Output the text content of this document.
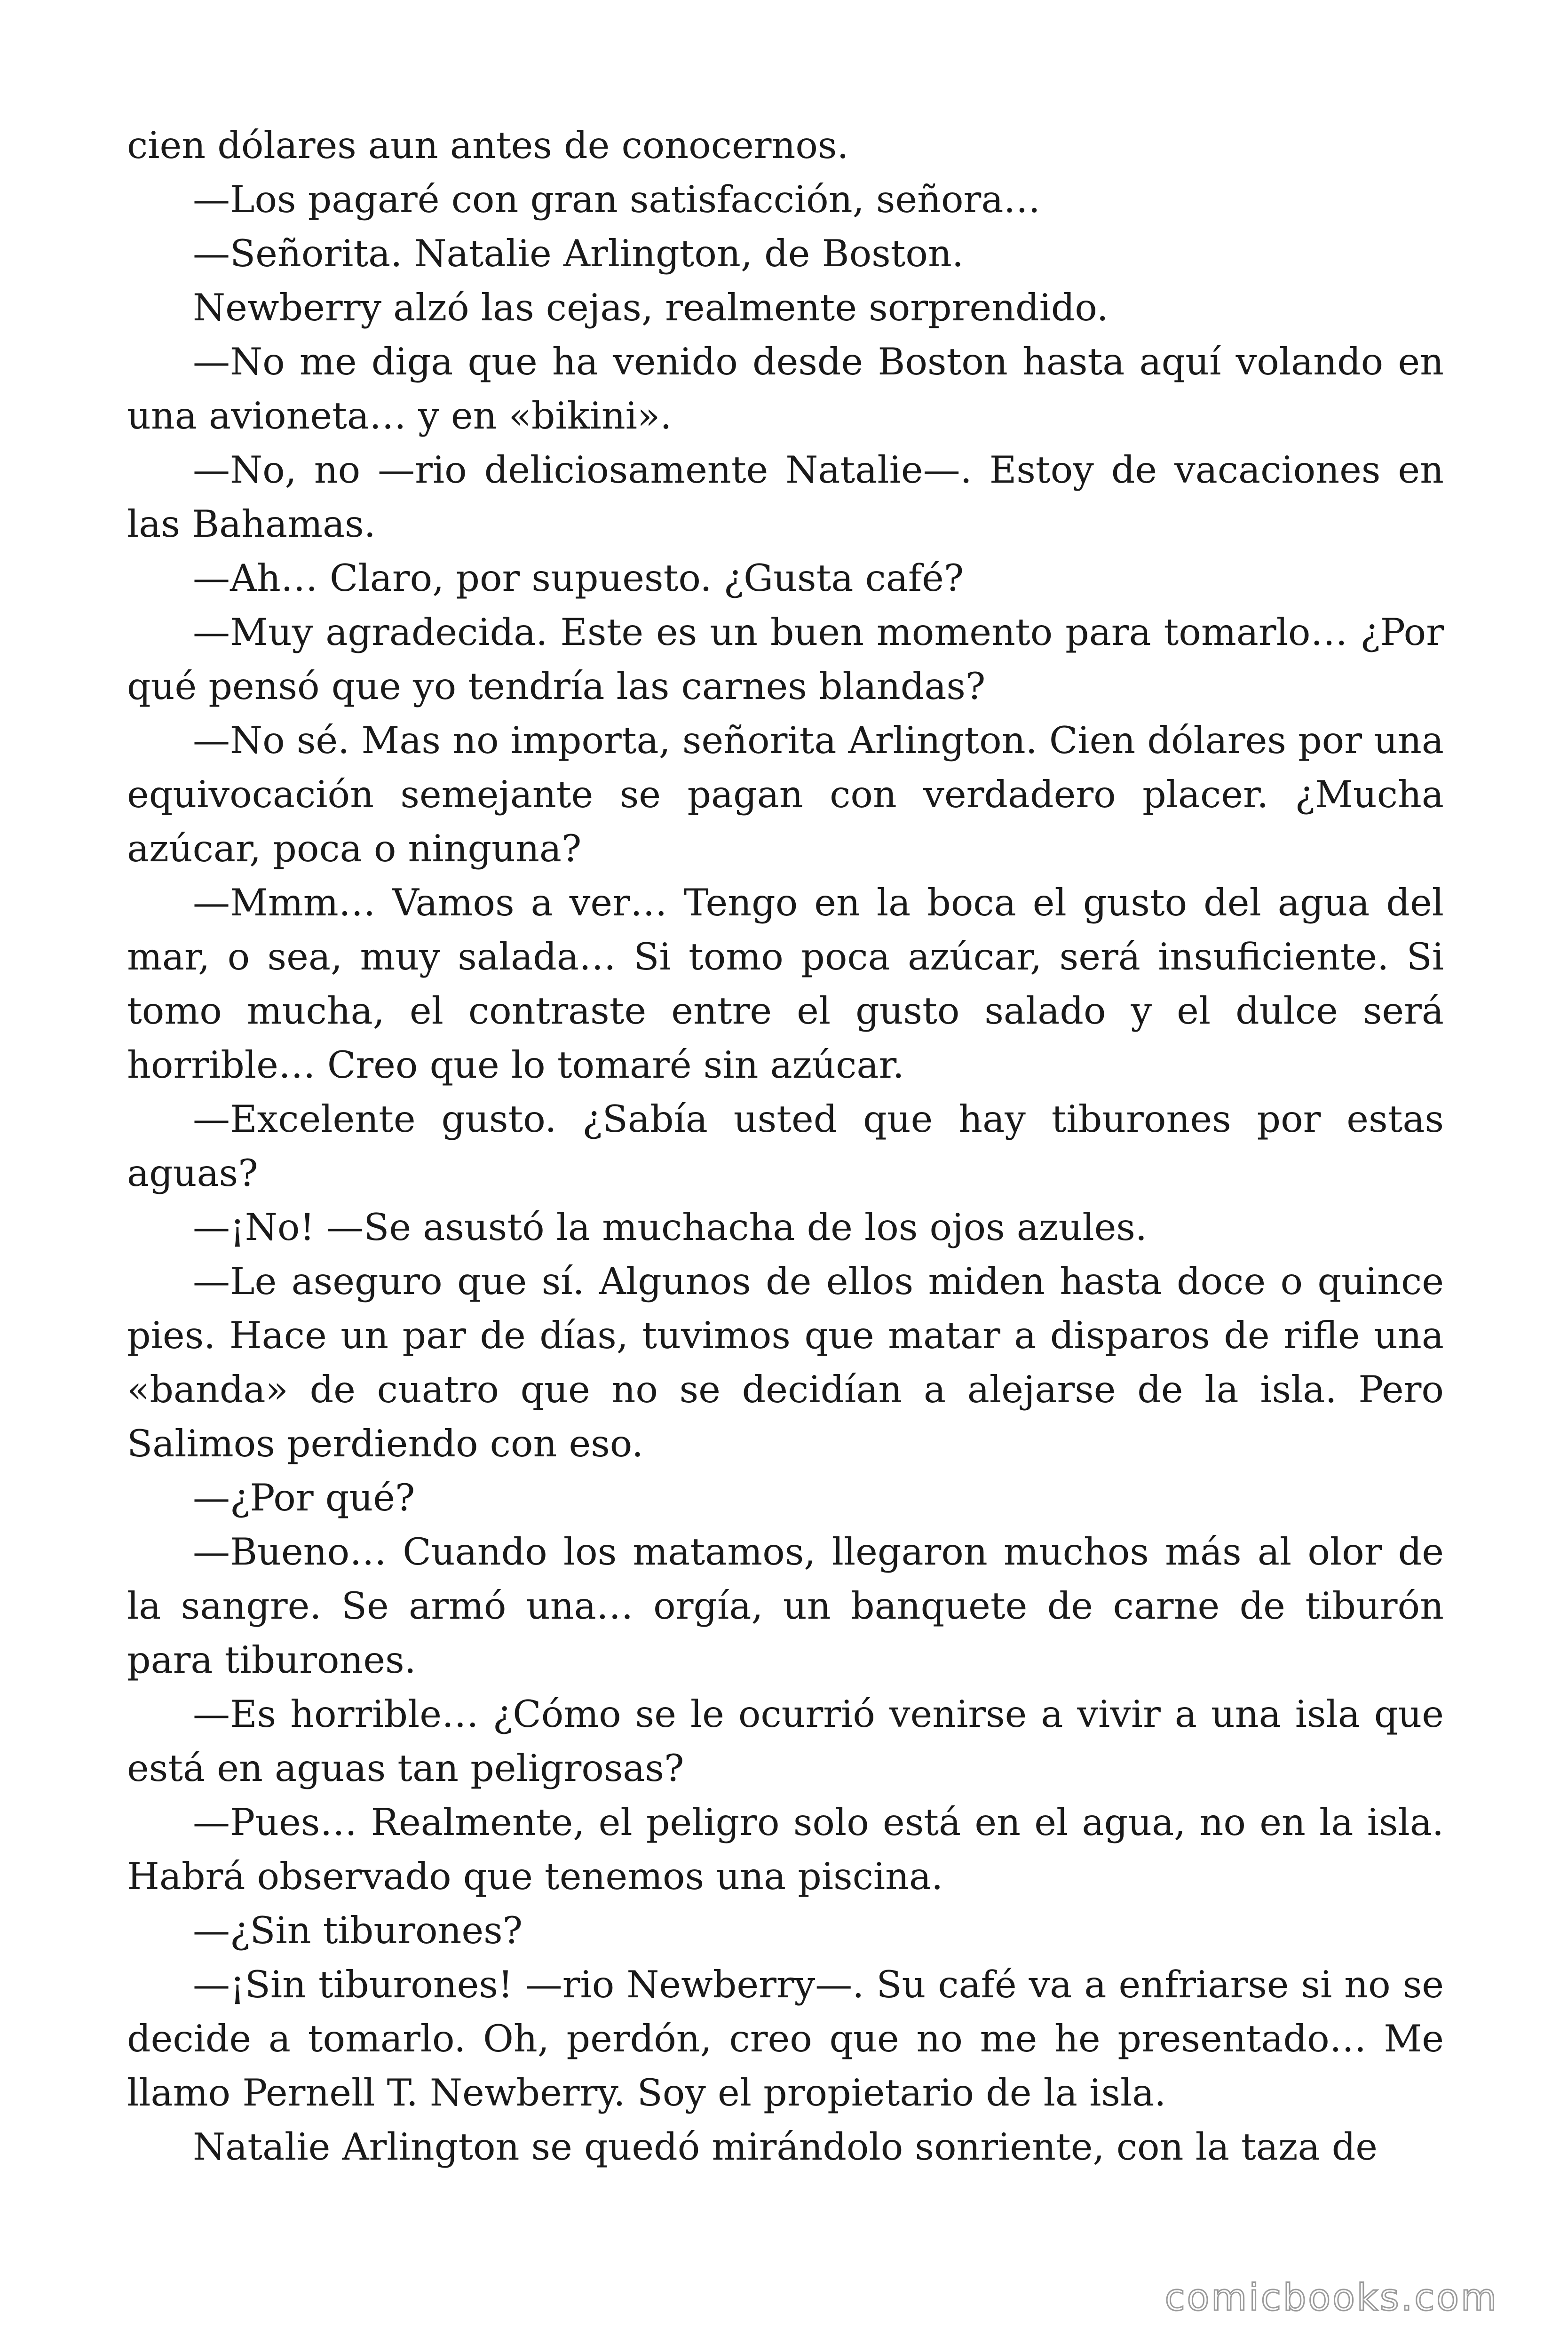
cien dólares aun antes de conocernos.

—Los pagaré con gran satisfacción, señora…

—Señorita. Natalie Arlington, de Boston.

Newberry alzó las cejas, realmente sorprendido.

—No me diga que ha venido desde Boston hasta aquí volando en una avioneta… y en «bikini».

—No, no —rio deliciosamente Natalie—. Estoy de vacaciones en las Bahamas.

—Ah… Claro, por supuesto. ¿Gusta café?

—Muy agradecida. Este es un buen momento para tomarlo… ¿Por qué pensó que yo tendría las carnes blandas?

—No sé. Mas no importa, señorita Arlington. Cien dólares por una equivocación semejante se pagan con verdadero placer. ¿Mucha azúcar, poca o ninguna?

—Mmm… Vamos a ver… Tengo en la boca el gusto del agua del mar, o sea, muy salada… Si tomo poca azúcar, será insuficiente. Si tomo mucha, el contraste entre el gusto salado y el dulce será horrible… Creo que lo tomaré sin azúcar.

—Excelente gusto. ¿Sabía usted que hay tiburones por estas aguas?

—¡No! —Se asustó la muchacha de los ojos azules.

—Le aseguro que sí. Algunos de ellos miden hasta doce o quince pies. Hace un par de días, tuvimos que matar a disparos de rifle una «banda» de cuatro que no se decidían a alejarse de la isla. Pero Salimos perdiendo con eso.

—¿Por qué?

—Bueno… Cuando los matamos, llegaron muchos más al olor de la sangre. Se armó una… orgía, un banquete de carne de tiburón para tiburones.

—Es horrible… ¿Cómo se le ocurrió venirse a vivir a una isla que está en aguas tan peligrosas?

—Pues… Realmente, el peligro solo está en el agua, no en la isla. Habrá observado que tenemos una piscina.

—¿Sin tiburones?

—¡Sin tiburones! —rio Newberry—. Su café va a enfriarse si no se decide a tomarlo. Oh, perdón, creo que no me he presentado… Me llamo Pernell T. Newberry. Soy el propietario de la isla.

Natalie Arlington se quedó mirándolo sonriente, con la taza de

comicbooks.com
